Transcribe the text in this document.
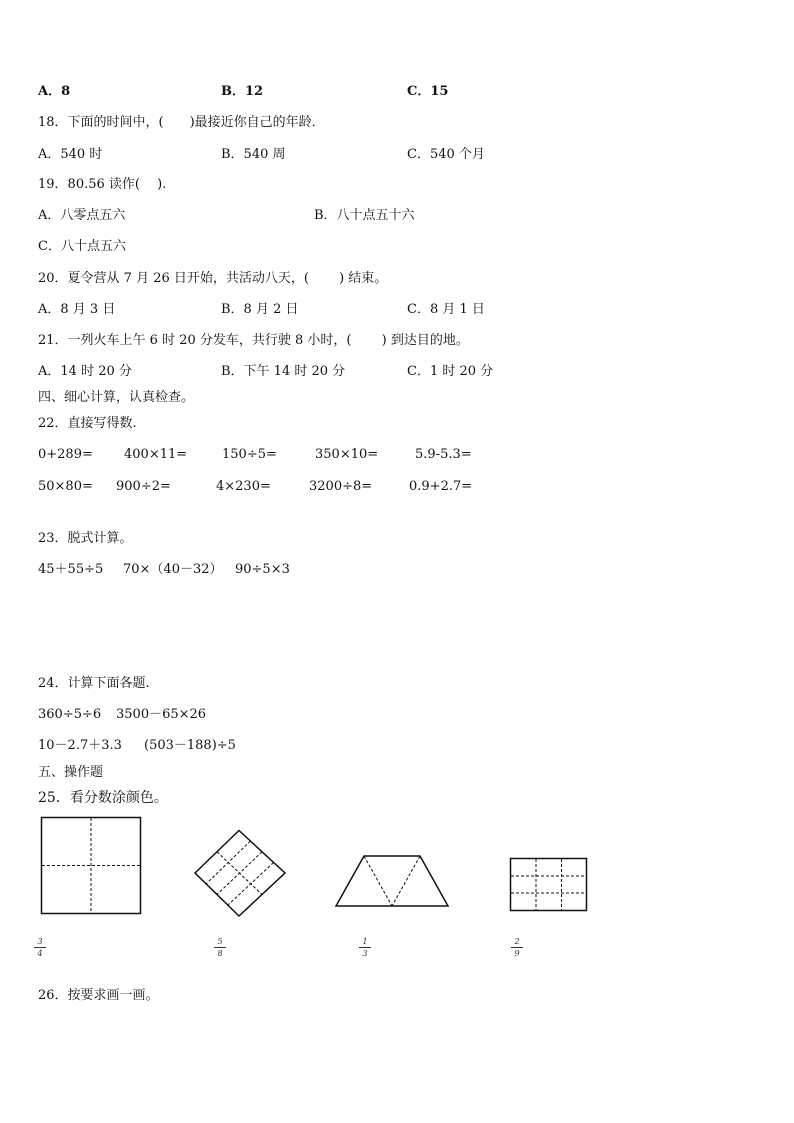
A．8	B．12	C．15
18．下面的时间中，(　　)最接近你自己的年龄．
A．540 时	B．540 周	C．540 个月
19．80.56 读作(　 ).
A．八零点五六	B．八十点五十六
C．八十点五六
20．夏令营从 7 月 26 日开始，共活动八天，(　　 ) 结束。
A．8 月 3 日	B．8 月 2 日	C．8 月 1 日
21．一列火车上午 6 时 20 分发车，共行驶 8 小时，(　　 ) 到达目的地。
A．14 时 20 分	B．下午 14 时 20 分	C．1 时 20 分
四、细心计算，认真检查。
22．直接写得数.
0+289= 400×11=	150÷5=	350×10=	5.9-5.3=
50×80= 900÷2=	4×230=	3200÷8=	0.9+2.7=
23．脱式计算。
45＋55÷5 70×（40－32） 90÷5×3
24．计算下面各题.
360÷5÷6 3500－65×26
10－2.7＋3.3 (503－188)÷5
五、操作题
25．看分数涂颜色。
3
4
5
8
1
3
2
9
26．按要求画一画。
